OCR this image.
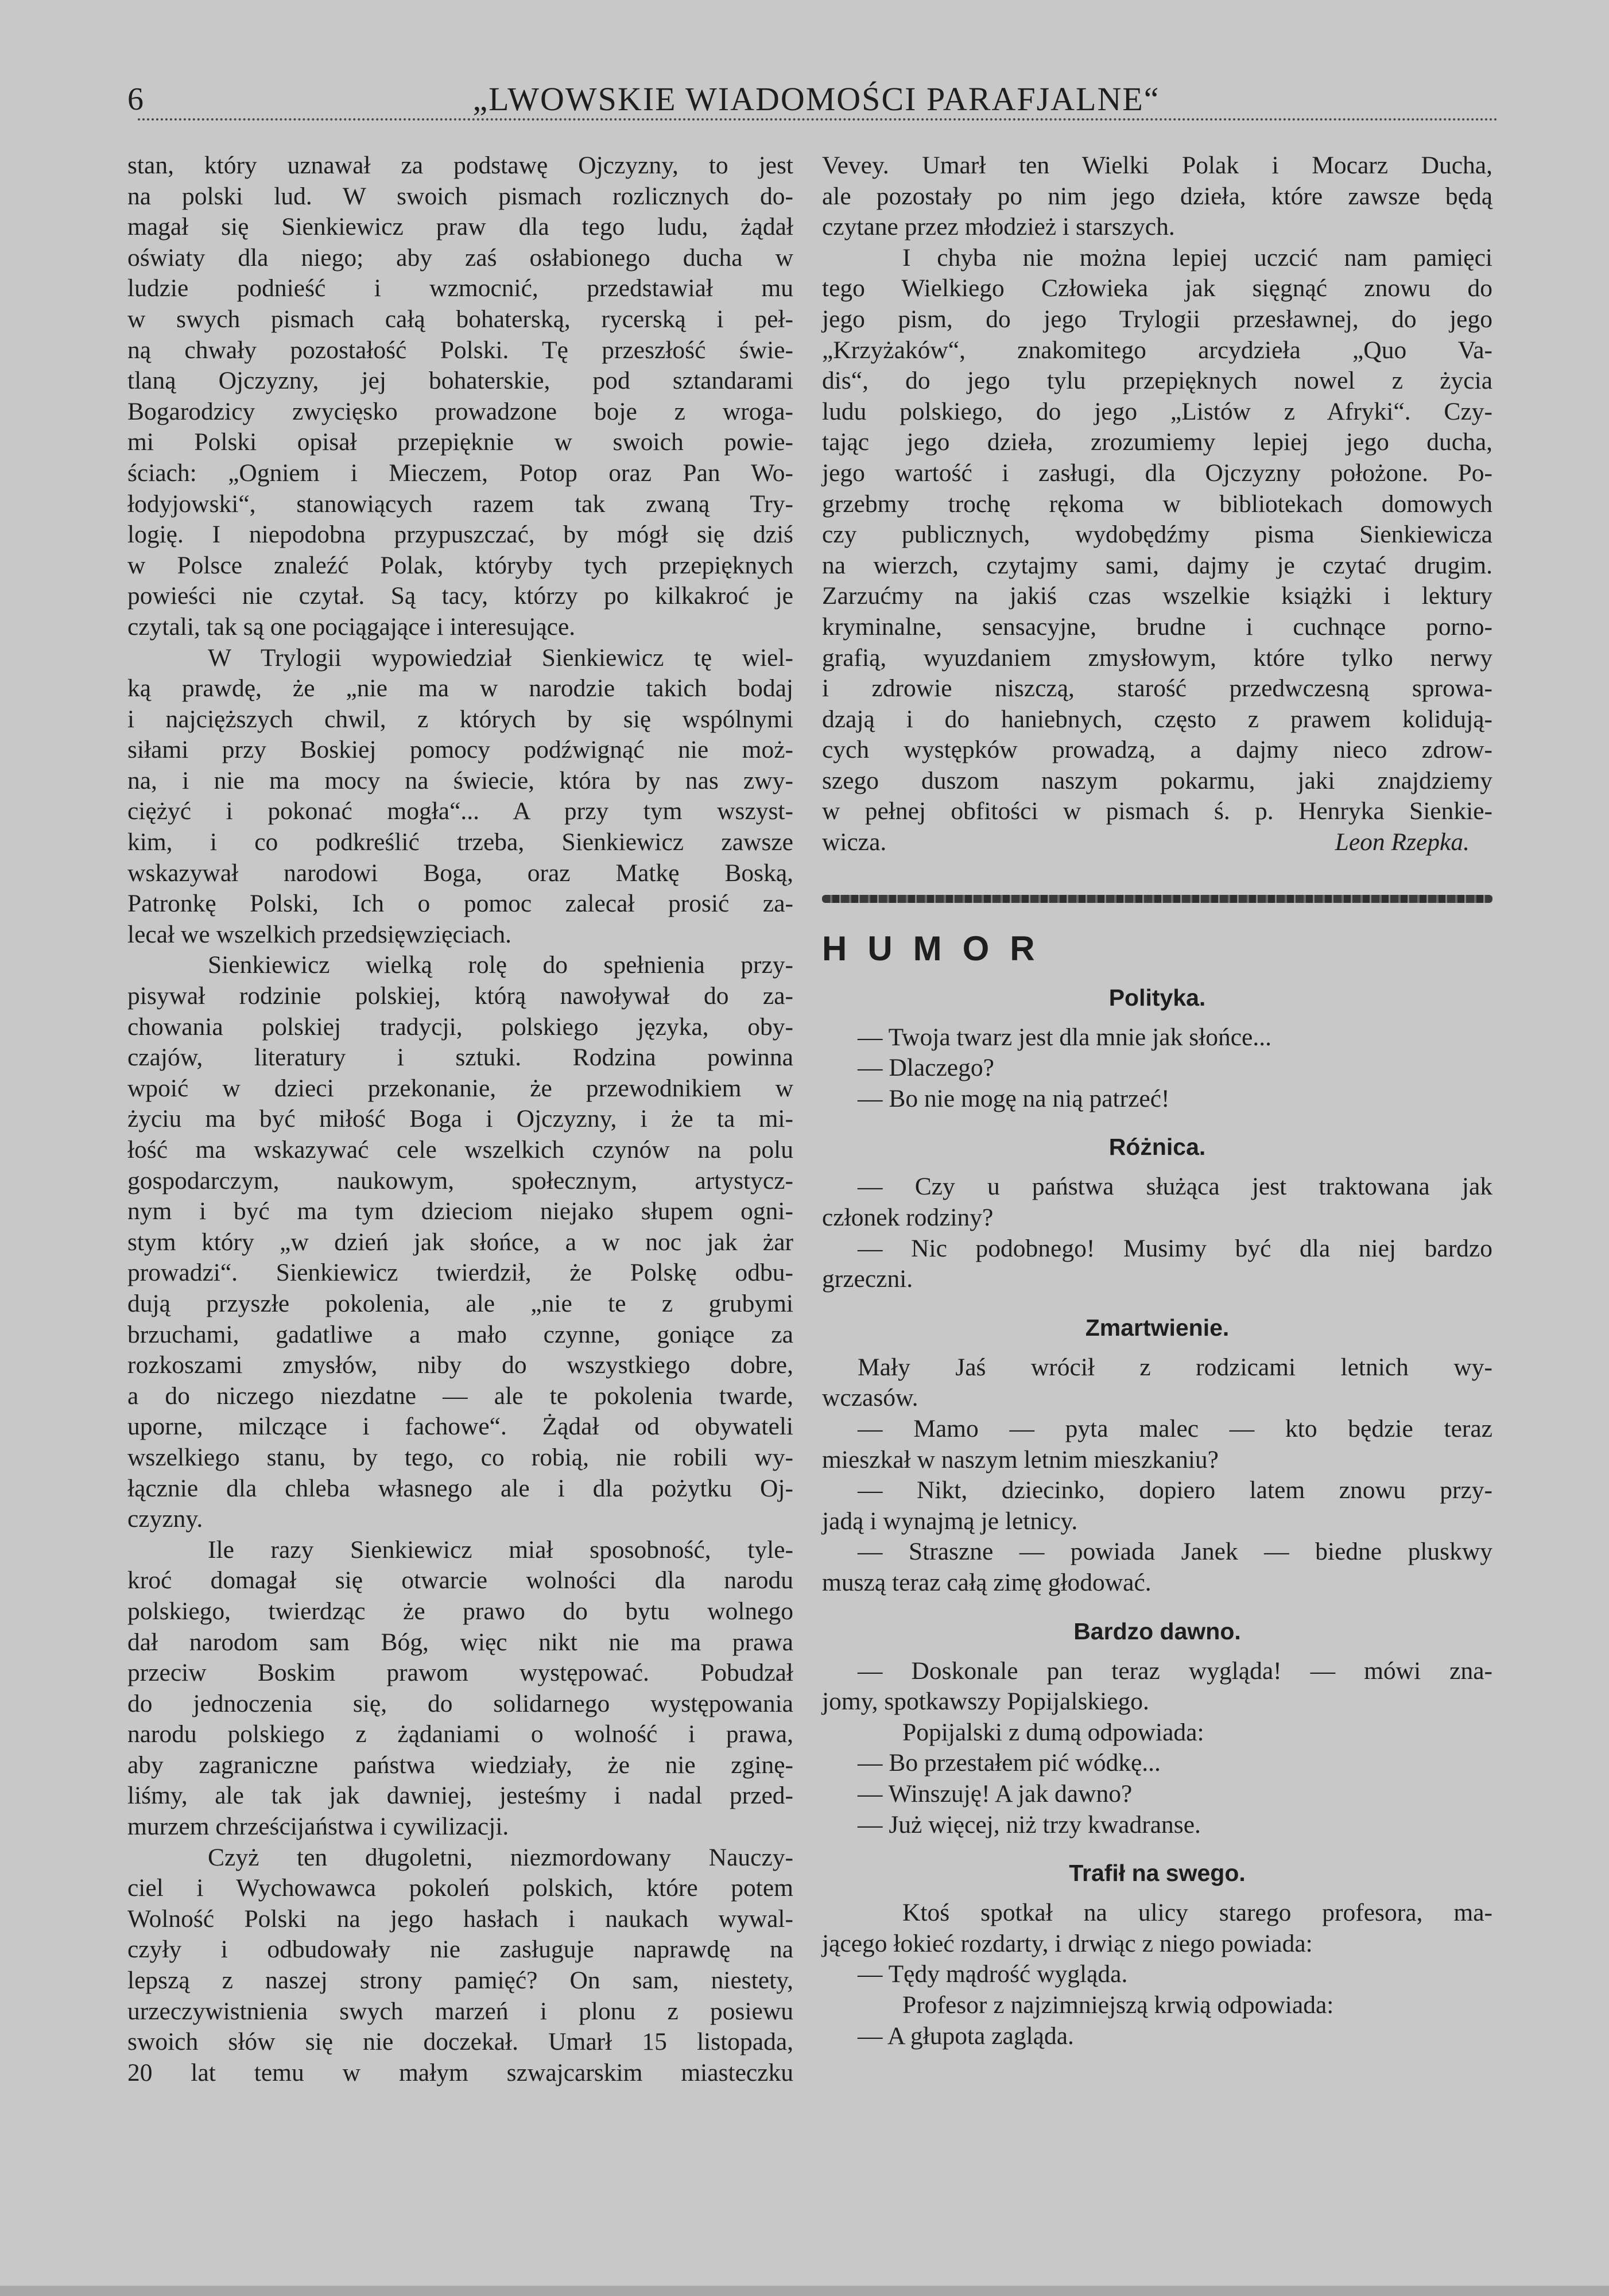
6	„LWOWSKIE WIADOMOŚCI PARAFJALNE“
stan, który uznawał za podstawę Ojczyzny, to jest
na polski lud. W swoich pismach rozlicznych do-
magał się Sienkiewicz praw dla tego ludu, żądał
oświaty dla niego; aby zaś osłabionego ducha w
ludzie podnieść i wzmocnić, przedstawiał mu
w swych pismach całą bohaterską, rycerską i peł-
ną chwały pozostałość Polski. Tę przeszłość świe-
tlaną Ojczyzny, jej bohaterskie, pod sztandarami
Bogarodzicy zwycięsko prowadzone boje z wroga-
mi Polski opisał przepięknie w swoich powie-
ściach: „Ogniem i Mieczem, Potop oraz Pan Wo-
łodyjowski“, stanowiących razem tak zwaną Try-
logię. I niepodobna przypuszczać, by mógł się dziś
w Polsce znaleźć Polak, któryby tych przepięknych
powieści nie czytał. Są tacy, którzy po kilkakroć je
czytali, tak są one pociągające i interesujące.
W Trylogii wypowiedział Sienkiewicz tę wiel-
ką prawdę, że „nie ma w narodzie takich bodaj
i najcięższych chwil, z których by się wspólnymi
siłami przy Boskiej pomocy podźwignąć nie moż-
na, i nie ma mocy na świecie, która by nas zwy-
ciężyć i pokonać mogła“... A przy tym wszyst-
kim, i co podkreślić trzeba, Sienkiewicz zawsze
wskazywał narodowi Boga, oraz Matkę Boską,
Patronkę Polski, Ich o pomoc zalecał prosić za-
lecał we wszelkich przedsięwzięciach.
Sienkiewicz wielką rolę do spełnienia przy-
pisywał rodzinie polskiej, którą nawoływał do za-
chowania polskiej tradycji, polskiego języka, oby-
czajów, literatury i sztuki. Rodzina powinna
wpoić w dzieci przekonanie, że przewodnikiem w
życiu ma być miłość Boga i Ojczyzny, i że ta mi-
łość ma wskazywać cele wszelkich czynów na polu
gospodarczym, naukowym, społecznym, artystycz-
nym i być ma tym dzieciom niejako słupem ogni-
stym który „w dzień jak słońce, a w noc jak żar
prowadzi“. Sienkiewicz twierdził, że Polskę odbu-
dują przyszłe pokolenia, ale „nie te z grubymi
brzuchami, gadatliwe a mało czynne, goniące za
rozkoszami zmysłów, niby do wszystkiego dobre,
a do niczego niezdatne — ale te pokolenia twarde,
uporne, milczące i fachowe“. Żądał od obywateli
wszelkiego stanu, by tego, co robią, nie robili wy-
łącznie dla chleba własnego ale i dla pożytku Oj-
czyzny.
Ile razy Sienkiewicz miał sposobność, tyle-
kroć domagał się otwarcie wolności dla narodu
polskiego, twierdząc że prawo do bytu wolnego
dał narodom sam Bóg, więc nikt nie ma prawa
przeciw Boskim prawom występować. Pobudzał
do jednoczenia się, do solidarnego występowania
narodu polskiego z żądaniami o wolność i prawa,
aby zagraniczne państwa wiedziały, że nie zginę-
liśmy, ale tak jak dawniej, jesteśmy i nadal przed-
murzem chrześcijaństwa i cywilizacji.
Czyż ten długoletni, niezmordowany Nauczy-
ciel i Wychowawca pokoleń polskich, które potem
Wolność Polski na jego hasłach i naukach wywal-
czyły i odbudowały nie zasługuje naprawdę na
lepszą z naszej strony pamięć? On sam, niestety,
urzeczywistnienia swych marzeń i plonu z posiewu
swoich słów się nie doczekał. Umarł 15 listopada,
20 lat temu w małym szwajcarskim miasteczku
Vevey. Umarł ten Wielki Polak i Mocarz Ducha,
ale pozostały po nim jego dzieła, które zawsze będą
czytane przez młodzież i starszych.
I chyba nie można lepiej uczcić nam pamięci
tego Wielkiego Człowieka jak sięgnąć znowu do
jego pism, do jego Trylogii przesławnej, do jego
„Krzyżaków“, znakomitego arcydzieła „Quo Va-
dis“, do jego tylu przepięknych nowel z życia
ludu polskiego, do jego „Listów z Afryki“. Czy-
tając jego dzieła, zrozumiemy lepiej jego ducha,
jego wartość i zasługi, dla Ojczyzny położone. Po-
grzebmy trochę rękoma w bibliotekach domowych
czy publicznych, wydobędźmy pisma Sienkiewicza
na wierzch, czytajmy sami, dajmy je czytać drugim.
Zarzućmy na jakiś czas wszelkie książki i lektury
kryminalne, sensacyjne, brudne i cuchnące porno-
grafią, wyuzdaniem zmysłowym, które tylko nerwy
i zdrowie niszczą, starość przedwczesną sprowa-
dzają i do haniebnych, często z prawem kolidują-
cych występków prowadzą, a dajmy nieco zdrow-
szego duszom naszym pokarmu, jaki znajdziemy
w pełnej obfitości w pismach ś. p. Henryka Sienkie-
wicza.	Leon Rzepka.
HUMOR
Polityka.
— Twoja twarz jest dla mnie jak słońce...
— Dlaczego?
— Bo nie mogę na nią patrzeć!
Różnica.
— Czy u państwa służąca jest traktowana jak
członek rodziny?
— Nic podobnego! Musimy być dla niej bardzo
grzeczni.
Zmartwienie.
Mały Jaś wrócił z rodzicami letnich wy-
wczasów.
— Mamo — pyta malec — kto będzie teraz
mieszkał w naszym letnim mieszkaniu?
— Nikt, dziecinko, dopiero latem znowu przy-
jadą i wynajmą je letnicy.
— Straszne — powiada Janek — biedne pluskwy
muszą teraz całą zimę głodować.
Bardzo dawno.
— Doskonale pan teraz wygląda! — mówi zna-
jomy, spotkawszy Popijalskiego.
Popijalski z dumą odpowiada:
— Bo przestałem pić wódkę...
— Winszuję! A jak dawno?
— Już więcej, niż trzy kwadranse.
Trafił na swego.
Ktoś spotkał na ulicy starego profesora, ma-
jącego łokieć rozdarty, i drwiąc z niego powiada:
— Tędy mądrość wygląda.
Profesor z najzimniejszą krwią odpowiada:
— A głupota zagląda.
